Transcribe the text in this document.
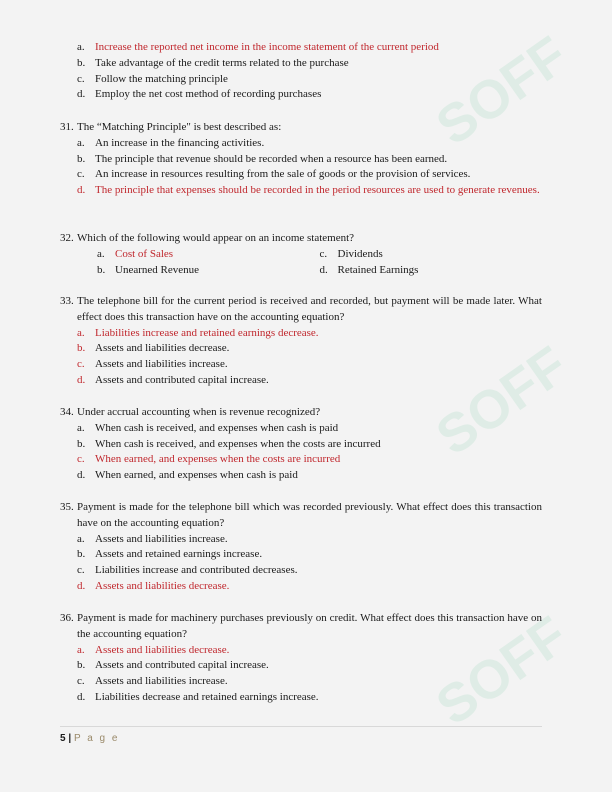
SOFF
SOFF
SOFF
a. Increase the reported net income in the income statement of the current period
b. Take advantage of the credit terms related to the purchase
c. Follow the matching principle
d. Employ the net cost method of recording purchases
31. The “Matching Principle" is best described as:
a. An increase in the financing activities.
b. The principle that revenue should be recorded when a resource has been earned.
c. An increase in resources resulting from the sale of goods or the provision of services.
d. The principle that expenses should be recorded in the period resources are used to generate revenues.
32. Which of the following would appear on an income statement?
a. Cost of Sales	c. Dividends
b. Unearned Revenue	d. Retained Earnings
33. The telephone bill for the current period is received and recorded, but payment will be made later. What effect does this transaction have on the accounting equation?
a. Liabilities increase and retained earnings decrease.
b. Assets and liabilities decrease.
c. Assets and liabilities increase.
d. Assets and contributed capital increase.
34. Under accrual accounting when is revenue recognized?
a. When cash is received, and expenses when cash is paid
b. When cash is received, and expenses when the costs are incurred
c. When earned, and expenses when the costs are incurred
d. When earned, and expenses when cash is paid
35. Payment is made for the telephone bill which was recorded previously. What effect does this transaction have on the accounting equation?
a. Assets and liabilities increase.
b. Assets and retained earnings increase.
c. Liabilities increase and contributed decreases.
d. Assets and liabilities decrease.
36. Payment is made for machinery purchases previously on credit. What effect does this transaction have on the accounting equation?
a. Assets and liabilities decrease.
b. Assets and contributed capital increase.
c. Assets and liabilities increase.
d. Liabilities decrease and retained earnings increase.
5 | P a g e
